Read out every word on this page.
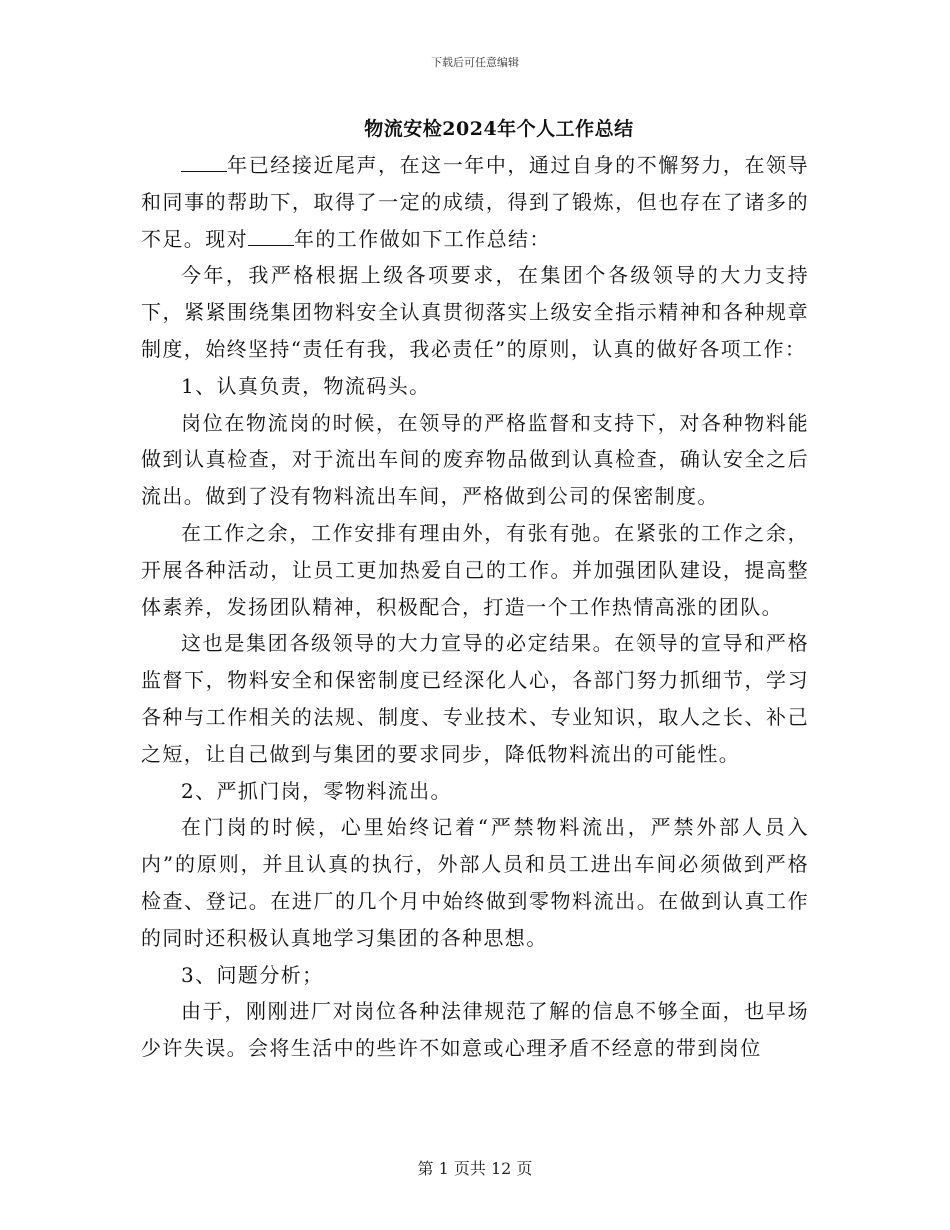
下载后可任意编辑
物流安检2024年个人工作总结

年已经接近尾声，在这一年中，通过自身的不懈努力，在领导和同事的帮助下，取得了一定的成绩，得到了锻炼，但也存在了诸多的不足。现对 年的工作做如下工作总结：

今年，我严格根据上级各项要求，在集团个各级领导的大力支持下，紧紧围绕集团物料安全认真贯彻落实上级安全指示精神和各种规章制度，始终坚持“责任有我，我必责任”的原则，认真的做好各项工作：

1、认真负责，物流码头。

岗位在物流岗的时候，在领导的严格监督和支持下，对各种物料能做到认真检查，对于流出车间的废弃物品做到认真检查，确认安全之后流出。做到了没有物料流出车间，严格做到公司的保密制度。

在工作之余，工作安排有理由外，有张有弛。在紧张的工作之余，开展各种活动，让员工更加热爱自己的工作。并加强团队建设，提高整体素养，发扬团队精神，积极配合，打造一个工作热情高涨的团队。

这也是集团各级领导的大力宣导的必定结果。在领导的宣导和严格监督下，物料安全和保密制度已经深化人心，各部门努力抓细节，学习各种与工作相关的法规、制度、专业技术、专业知识，取人之长、补己之短，让自己做到与集团的要求同步，降低物料流出的可能性。

2、严抓门岗，零物料流出。

在门岗的时候，心里始终记着“严禁物料流出，严禁外部人员入内”的原则，并且认真的执行，外部人员和员工进出车间必须做到严格检查、登记。在进厂的几个月中始终做到零物料流出。在做到认真工作的同时还积极认真地学习集团的各种思想。

3、问题分析；

由于，刚刚进厂对岗位各种法律规范了解的信息不够全面，也早场少许失误。会将生活中的些许不如意或心理矛盾不经意的带到岗位

第 1 页共 12 页
